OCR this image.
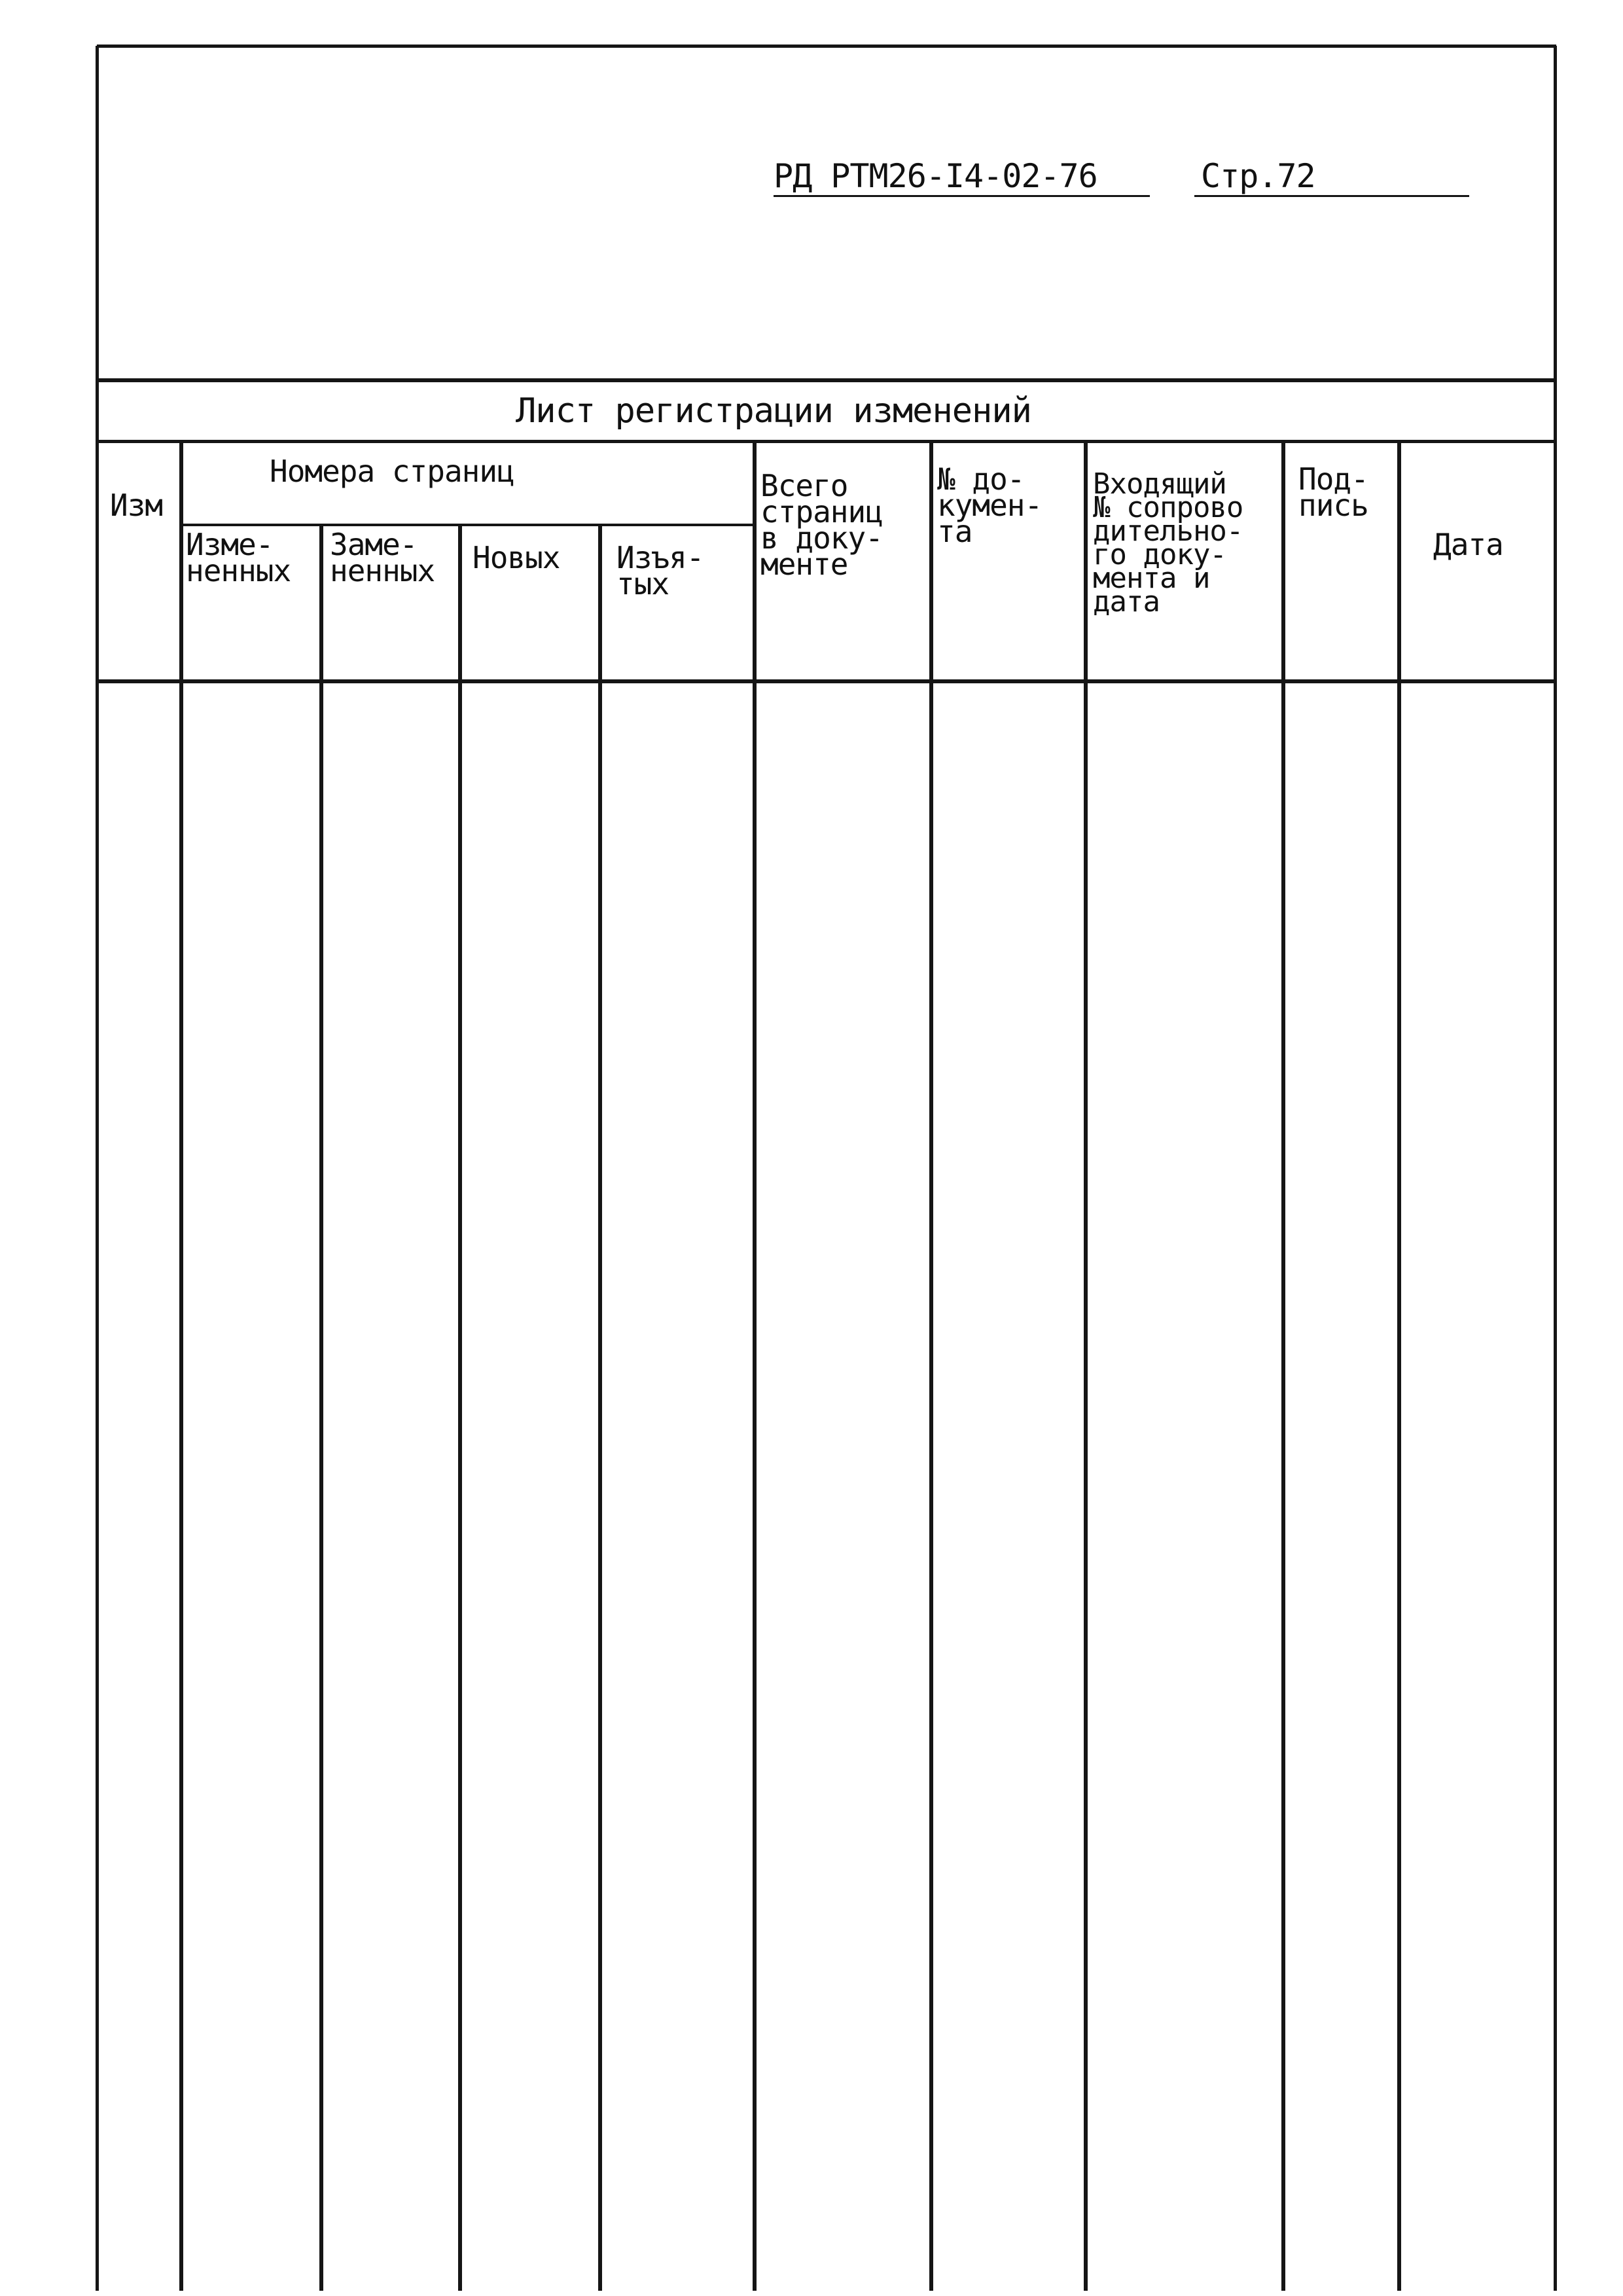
РД РТМ26-I4-02-76	Стр.72
Лист регистрации изменений
Изм
Номера страниц
Изме-
ненных
Заме-
ненных Новых Изъя-
тых
Всего
страниц
в доку-
менте
№ до-
кумен-
та
Входящий
№ сопрово
дительно-
го доку-
мента и
дата
Под-
пись
Дата
